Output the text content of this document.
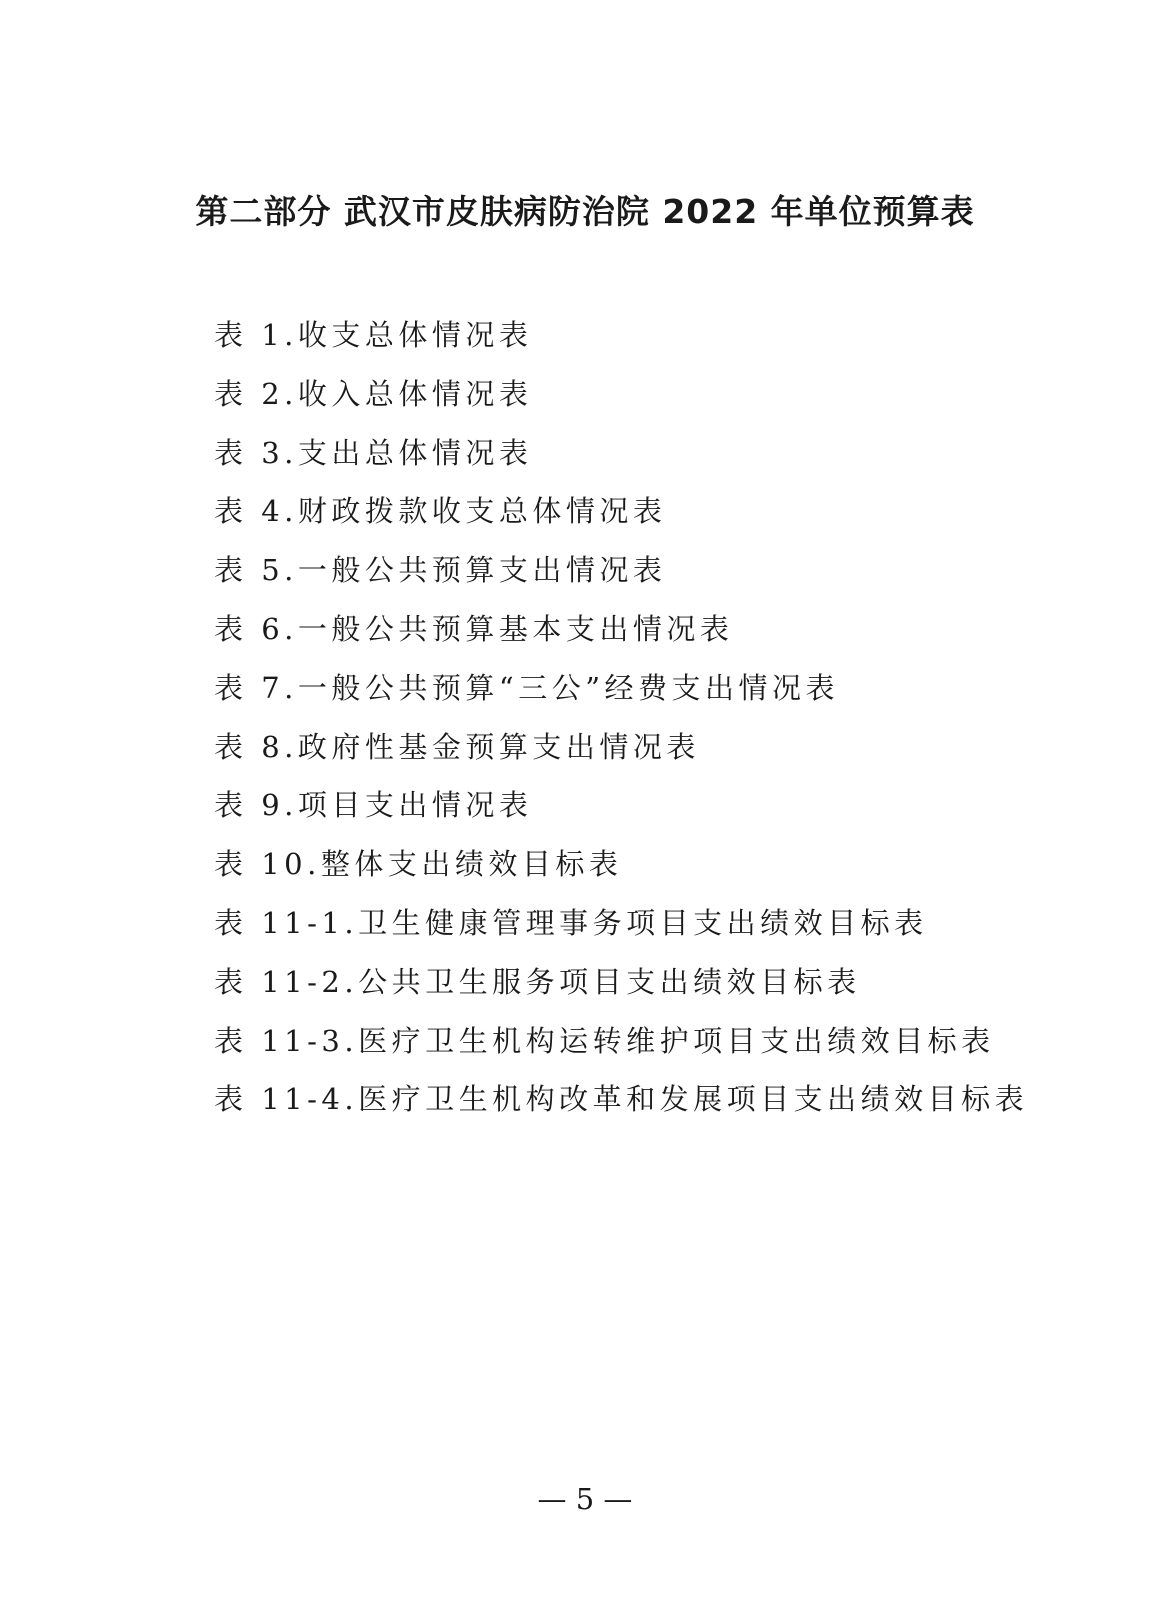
第二部分 武汉市皮肤病防治院 2022 年单位预算表
表 1.收支总体情况表
表 2.收入总体情况表
表 3.支出总体情况表
表 4.财政拨款收支总体情况表
表 5.一般公共预算支出情况表
表 6.一般公共预算基本支出情况表
表 7.一般公共预算“三公”经费支出情况表
表 8.政府性基金预算支出情况表
表 9.项目支出情况表
表 10.整体支出绩效目标表
表 11-1.卫生健康管理事务项目支出绩效目标表
表 11-2.公共卫生服务项目支出绩效目标表
表 11-3.医疗卫生机构运转维护项目支出绩效目标表
表 11-4.医疗卫生机构改革和发展项目支出绩效目标表
— 5 —
